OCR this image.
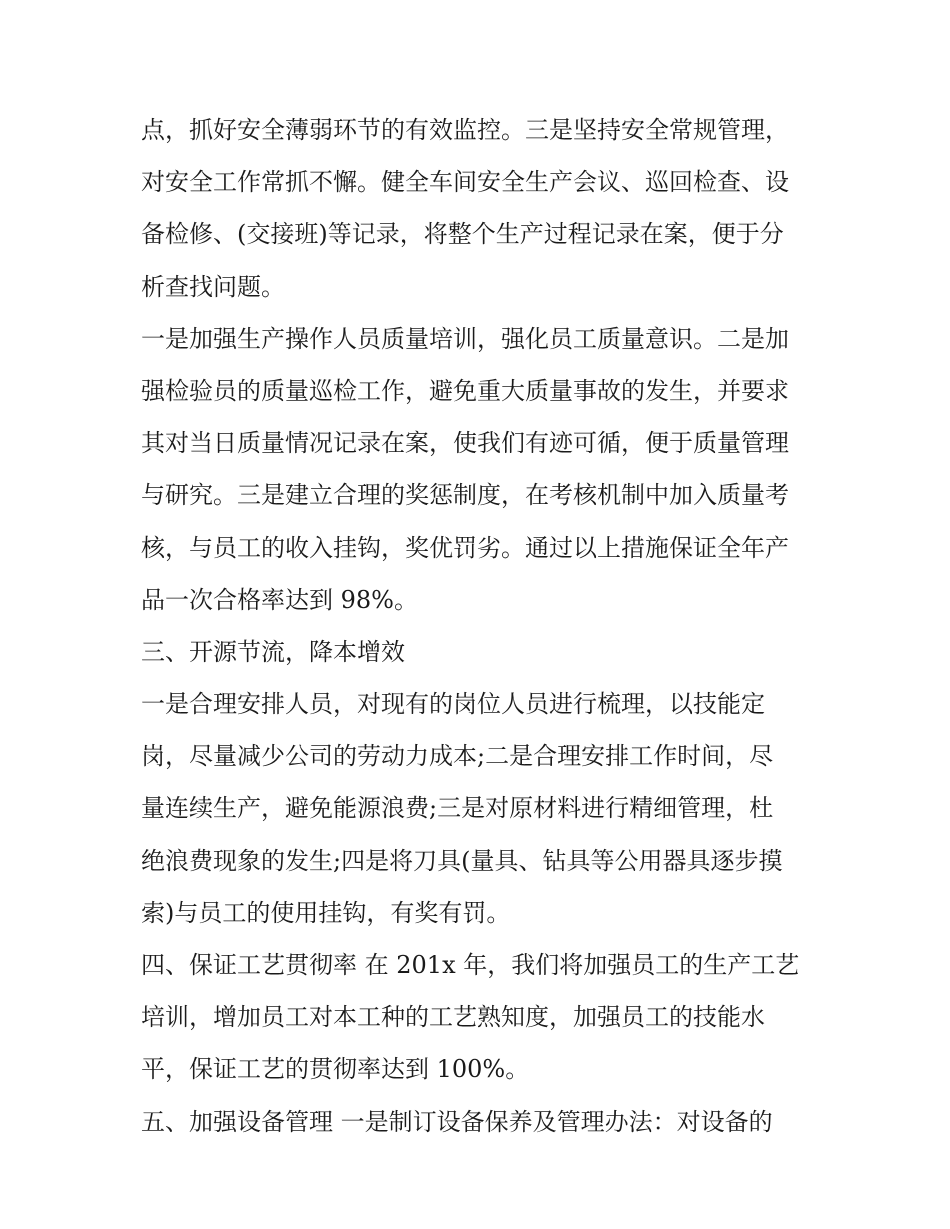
点，抓好安全薄弱环节的有效监控。三是坚持安全常规管理，
对安全工作常抓不懈。健全车间安全生产会议、巡回检查、设
备检修、(交接班)等记录，将整个生产过程记录在案，便于分
析查找问题。
一是加强生产操作人员质量培训，强化员工质量意识。二是加
强检验员的质量巡检工作，避免重大质量事故的发生，并要求
其对当日质量情况记录在案，使我们有迹可循，便于质量管理
与研究。三是建立合理的奖惩制度，在考核机制中加入质量考
核，与员工的收入挂钩，奖优罚劣。通过以上措施保证全年产
品一次合格率达到 98%。
三、开源节流，降本增效
一是合理安排人员，对现有的岗位人员进行梳理，以技能定
岗，尽量减少公司的劳动力成本;二是合理安排工作时间，尽
量连续生产，避免能源浪费;三是对原材料进行精细管理，杜
绝浪费现象的发生;四是将刀具(量具、钻具等公用器具逐步摸
索)与员工的使用挂钩，有奖有罚。
四、保证工艺贯彻率 在 201x 年，我们将加强员工的生产工艺
培训，增加员工对本工种的工艺熟知度，加强员工的技能水
平，保证工艺的贯彻率达到 100%。
五、加强设备管理 一是制订设备保养及管理办法：对设备的
